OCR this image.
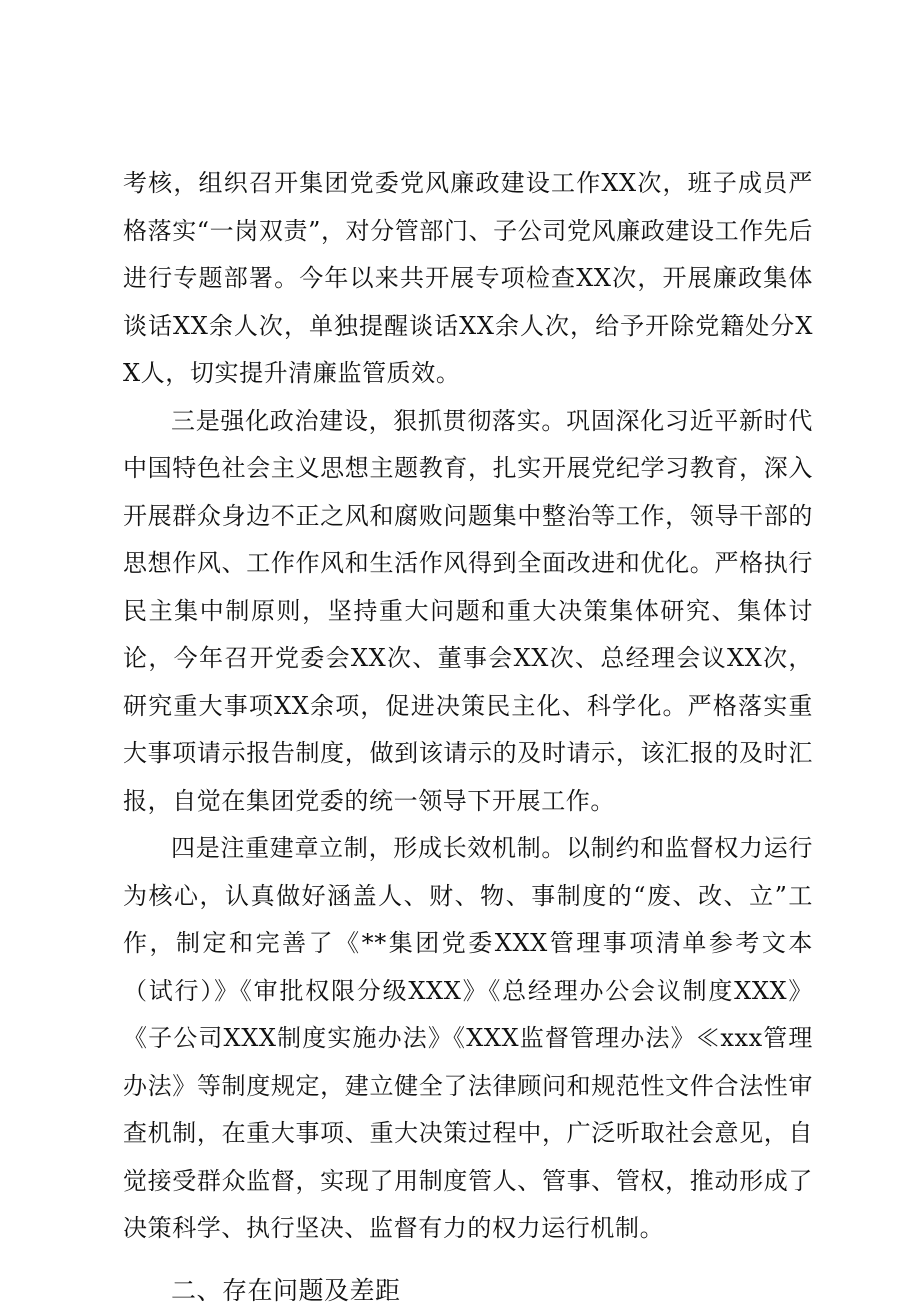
考核，组织召开集团党委党风廉政建设工作XX次，班子成员严格落实“一岗双责”，对分管部门、子公司党风廉政建设工作先后进行专题部署。今年以来共开展专项检查XX次，开展廉政集体谈话XX余人次，单独提醒谈话XX余人次，给予开除党籍处分XX人，切实提升清廉监管质效。

三是强化政治建设，狠抓贯彻落实。巩固深化习近平新时代中国特色社会主义思想主题教育，扎实开展党纪学习教育，深入开展群众身边不正之风和腐败问题集中整治等工作，领导干部的思想作风、工作作风和生活作风得到全面改进和优化。严格执行民主集中制原则，坚持重大问题和重大决策集体研究、集体讨论，今年召开党委会XX次、董事会XX次、总经理会议XX次，研究重大事项XX余项，促进决策民主化、科学化。严格落实重大事项请示报告制度，做到该请示的及时请示，该汇报的及时汇报，自觉在集团党委的统一领导下开展工作。

四是注重建章立制，形成长效机制。以制约和监督权力运行为核心，认真做好涵盖人、财、物、事制度的“废、改、立”工作，制定和完善了《**集团党委XXX管理事项清单参考文本（试行）》《审批权限分级XXX》《总经理办公会议制度XXX》《子公司XXX制度实施办法》《XXX监督管理办法》≪xxx管理办法》等制度规定，建立健全了法律顾问和规范性文件合法性审查机制，在重大事项、重大决策过程中，广泛听取社会意见，自觉接受群众监督，实现了用制度管人、管事、管权，推动形成了决策科学、执行坚决、监督有力的权力运行机制。

二、存在问题及差距
